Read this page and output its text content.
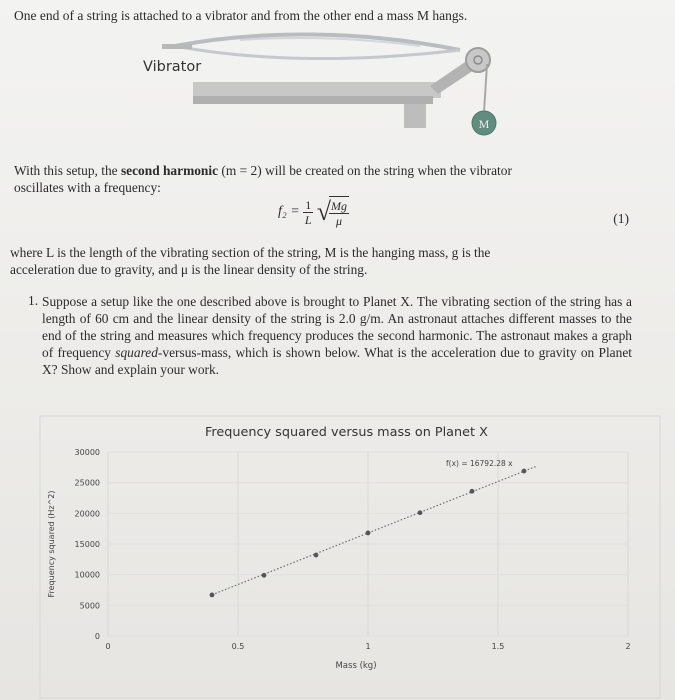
One end of a string is attached to a vibrator and from the other end a mass M hangs.
M
Vibrator
With this setup, the second harmonic (m = 2) will be created on the string when the vibrator
oscillates with a frequency:
$f_2 = \frac{1}{L}$ √
$\frac{Mg}{\mu}$	(1)
where L is the length of the vibrating section of the string, M is the hanging mass, g is the
acceleration due to gravity, and μ is the linear density of the string.
1. Suppose a setup like the one described above is brought to Planet X. The vibrating section of the string has a length of 60 cm and the linear density of the string is 2.0 g/m. An astronaut attaches different masses to the end of the string and measures which frequency produces the second harmonic. The astronaut makes a graph of frequency squared-versus-mass, which is shown below. What is the acceleration due to gravity on Planet X? Show and explain your work.
Frequency squared versus mass on Planet X
0
5000
10000
15000
20000
25000
30000
0	0.5	1	1.5	2
Mass (kg)
Frequency squared (Hz^2)
f(x) = 16792.28 x
